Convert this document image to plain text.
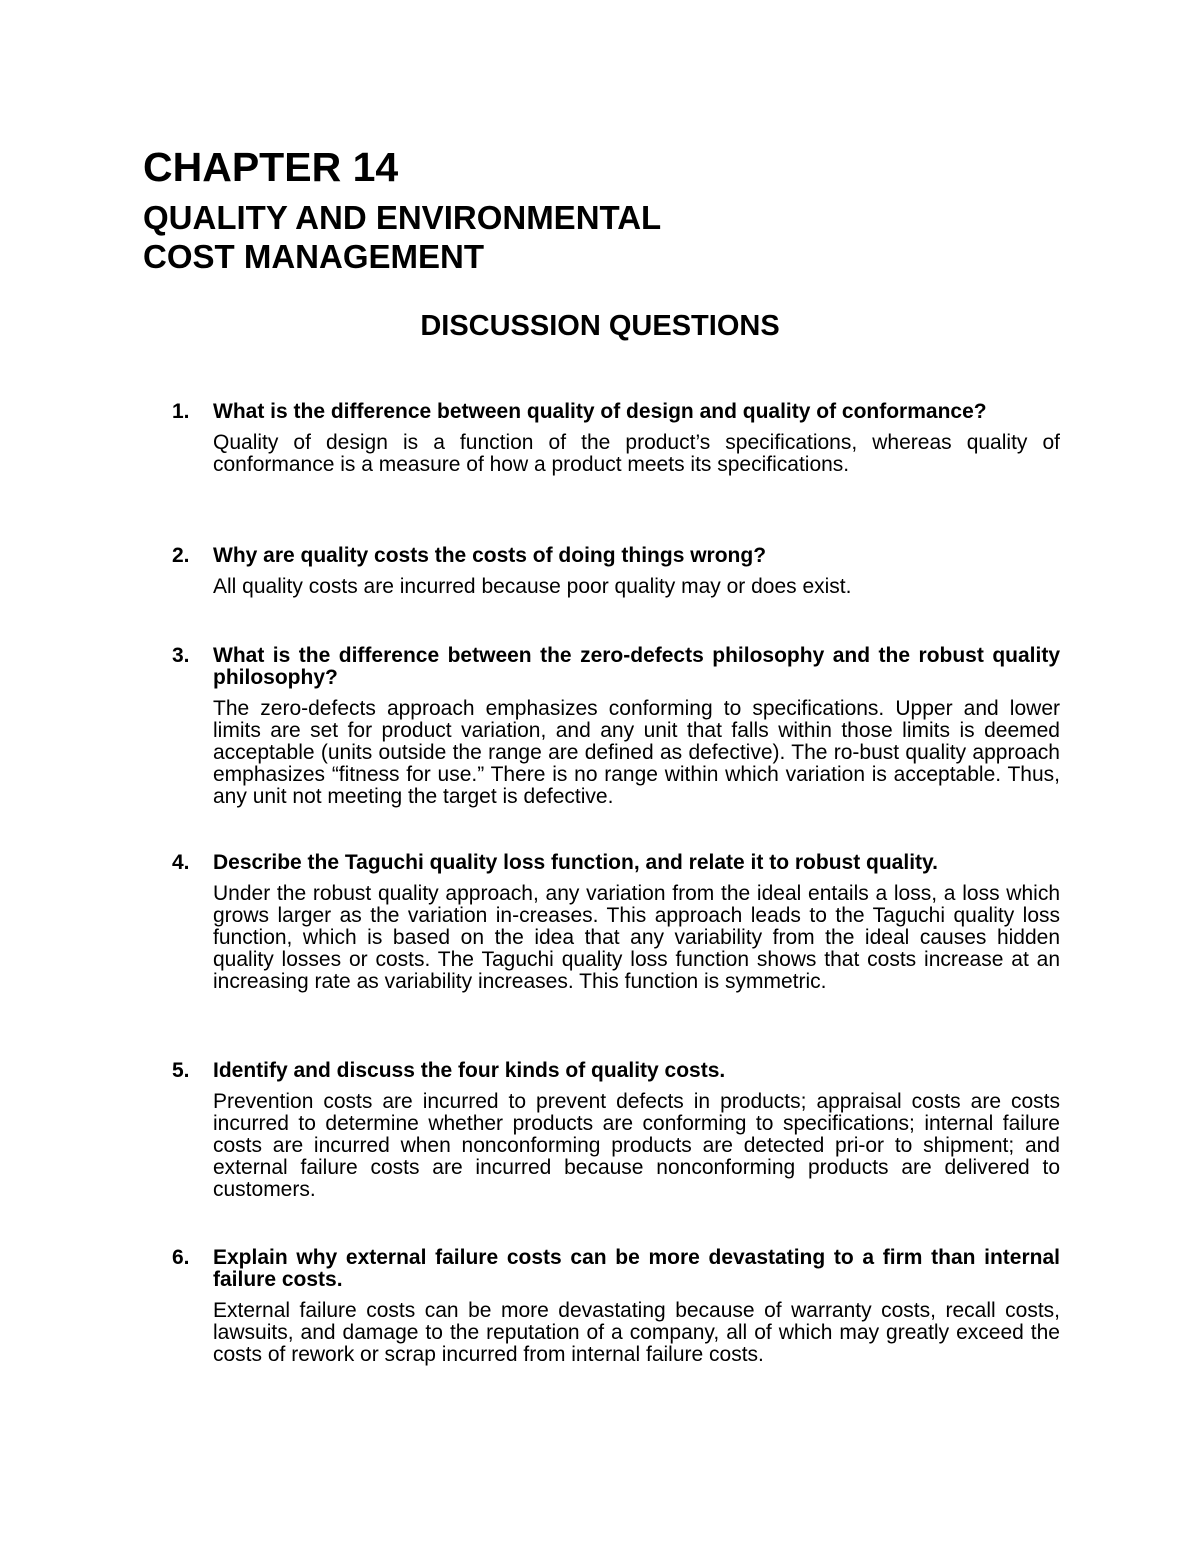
CHAPTER 14
QUALITY AND ENVIRONMENTAL
COST MANAGEMENT
DISCUSSION QUESTIONS
1. What is the difference between quality of design and quality of conformance?
Quality of design is a function of the product’s specifications, whereas quality of conformance is a measure of how a product meets its specifications.
2. Why are quality costs the costs of doing things wrong?
All quality costs are incurred because poor quality may or does exist.
3. What is the difference between the zero-defects philosophy and the robust quality philosophy?
The zero-defects approach emphasizes conforming to specifications. Upper and lower limits are set for product variation, and any unit that falls within those limits is deemed acceptable (units outside the range are defined as defective). The ro-bust quality approach emphasizes “fitness for use.” There is no range within which variation is acceptable. Thus, any unit not meeting the target is defective.
4. Describe the Taguchi quality loss function, and relate it to robust quality.
Under the robust quality approach, any variation from the ideal entails a loss, a loss which grows larger as the variation in-creases. This approach leads to the Taguchi quality loss function, which is based on the idea that any variability from the ideal causes hidden quality losses or costs. The Taguchi quality loss function shows that costs increase at an increasing rate as variability increases. This function is symmetric.
5. Identify and discuss the four kinds of quality costs.
Prevention costs are incurred to prevent defects in products; appraisal costs are costs incurred to determine whether products are conforming to specifications; internal failure costs are incurred when nonconforming products are detected pri-or to shipment; and external failure costs are incurred because nonconforming products are delivered to customers.
6. Explain why external failure costs can be more devastating to a firm than internal failure costs.
External failure costs can be more devastating because of warranty costs, recall costs, lawsuits, and damage to the reputation of a company, all of which may greatly exceed the costs of rework or scrap incurred from internal failure costs.
